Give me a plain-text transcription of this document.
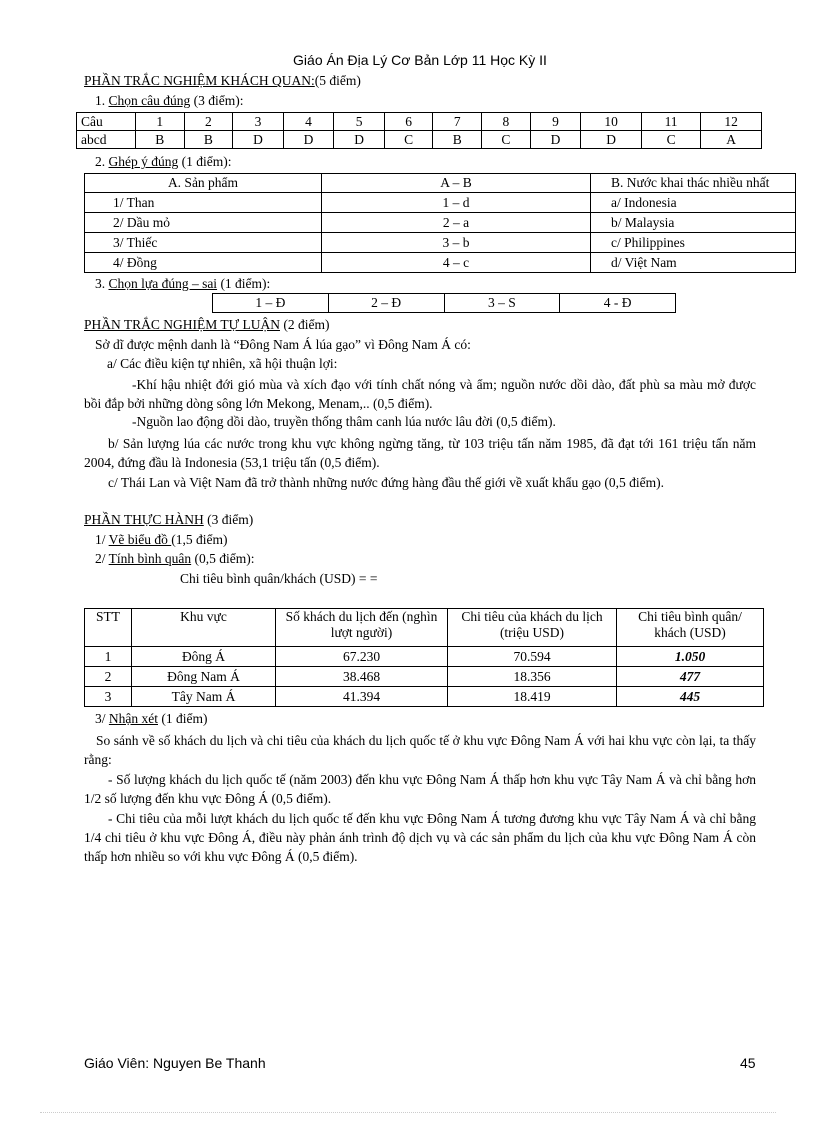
Giáo Án Địa Lý Cơ Bản Lớp 11 Học Kỳ II
PHẦN TRẮC NGHIỆM KHÁCH QUAN:(5 điểm)
1. Chọn câu đúng (3 điểm):
Câu	1	2	3	4	5	6	7	8	9	10	11	12
abcd	B	B	D	D	D	C	B	C	D	D	C	A
2. Ghép ý đúng (1 điểm):
A. Sản phẩm	A – B	B. Nước khai thác nhiều nhất
1/ Than	1 – d	a/ Indonesia
2/ Dầu mỏ	2 – a	b/ Malaysia
3/ Thiếc	3 – b	c/ Philippines
4/ Đồng	4 – c	d/ Việt Nam
3. Chọn lựa đúng – sai (1 điểm):
1 – Đ	2 – Đ	3 – S	4 - Đ
PHẦN TRẮC NGHIỆM TỰ LUẬN (2 điểm)
Sở dĩ được mệnh danh là “Đông Nam Á lúa gạo” vì Đông Nam Á có:
a/ Các điều kiện tự nhiên, xã hội thuận lợi:
-Khí hậu nhiệt đới gió mùa và xích đạo với tính chất nóng và ẩm; nguồn nước dồi dào, đất phù sa màu mở được bồi đắp bởi những dòng sông lớn Mekong, Menam,.. (0,5 điểm).
-Nguồn lao động dồi dào, truyền thống thâm canh lúa nước lâu đời (0,5 điểm).
b/ Sản lượng lúa các nước trong khu vực không ngừng tăng, từ 103 triệu tấn năm 1985, đã đạt tới 161 triệu tấn năm 2004, đứng đầu là Indonesia (53,1 triệu tấn (0,5 điểm).
c/ Thái Lan và Việt Nam đã trở thành những nước đứng hàng đầu thế giới về xuất khẩu gạo (0,5 điểm).
PHẦN THỰC HÀNH (3 điểm)
1/ Vẽ biểu đồ (1,5 điểm)
2/ Tính bình quân (0,5 điểm):
Chi tiêu bình quân/khách (USD) = =
STT	Khu vực	Số khách du lịch đến (nghìn lượt người)	Chi tiêu của khách du lịch (triệu USD)	Chi tiêu bình quân/ khách (USD)
1	Đông Á	67.230	70.594	1.050
2	Đông Nam Á	38.468	18.356	477
3	Tây Nam Á	41.394	18.419	445
3/ Nhận xét (1 điểm)
So sánh về số khách du lịch và chi tiêu của khách du lịch quốc tế ở khu vực Đông Nam Á với hai khu vực còn lại, ta thấy rằng:
- Số lượng khách du lịch quốc tế (năm 2003) đến khu vực Đông Nam Á thấp hơn khu vực Tây Nam Á và chỉ bằng hơn 1/2 số lượng đến khu vực Đông Á (0,5 điểm).
- Chi tiêu của mỗi lượt khách du lịch quốc tế đến khu vực Đông Nam Á tương đương khu vực Tây Nam Á và chỉ bằng 1/4 chi tiêu ở khu vực Đông Á, điều này phản ánh trình độ dịch vụ và các sản phẩm du lịch của khu vực Đông Nam Á còn thấp hơn nhiều so với khu vực Đông Á (0,5 điểm).
Giáo Viên: Nguyen Be Thanh	45
